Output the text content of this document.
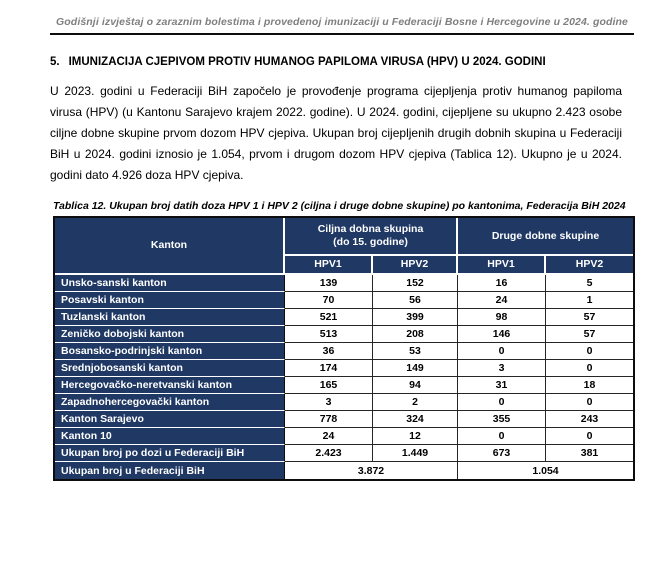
Godišnji izvještaj o zaraznim bolestima i provedenoj imunizaciji u Federaciji Bosne i Hercegovine u 2024. godine
5. IMUNIZACIJA CJEPIVOM PROTIV HUMANOG PAPILOMA VIRUSA (HPV) U 2024. GODINI

U 2023. godini u Federaciji BiH započelo je provođenje programa cijepljenja protiv humanog papiloma virusa (HPV) (u Kantonu Sarajevo krajem 2022. godine). U 2024. godini, cijepljene su ukupno 2.423 osobe ciljne dobne skupine prvom dozom HPV cjepiva. Ukupan broj cijepljenih drugih dobnih skupina u Federaciji BiH u 2024. godini iznosio je 1.054, prvom i drugom dozom HPV cjepiva (Tablica 12). Ukupno je u 2024. godini dato 4.926 doza HPV cjepiva.

Tablica 12. Ukupan broj datih doza HPV 1 i HPV 2 (ciljna i druge dobne skupine) po kantonima, Federacija BiH 2024
Kanton	Ciljna dobna skupina
(do 15. godine)		Druge dobne skupine	
	HPV1	HPV2	HPV1	HPV2
Unsko-sanski kanton	139	152	16	5
Posavski kanton	70	56	24	1
Tuzlanski kanton	521	399	98	57
Zeničko dobojski kanton	513	208	146	57
Bosansko-podrinjski kanton	36	53	0	0
Srednjobosanski kanton	174	149	3	0
Hercegovačko-neretvanski kanton	165	94	31	18
Zapadnohercegovački kanton	3	2	0	0
Kanton Sarajevo	778	324	355	243
Kanton 10	24	12	0	0
Ukupan broj po dozi u Federaciji BiH	2.423	1.449	673	381
Ukupan broj u Federaciji BiH	3.872		1.054	
